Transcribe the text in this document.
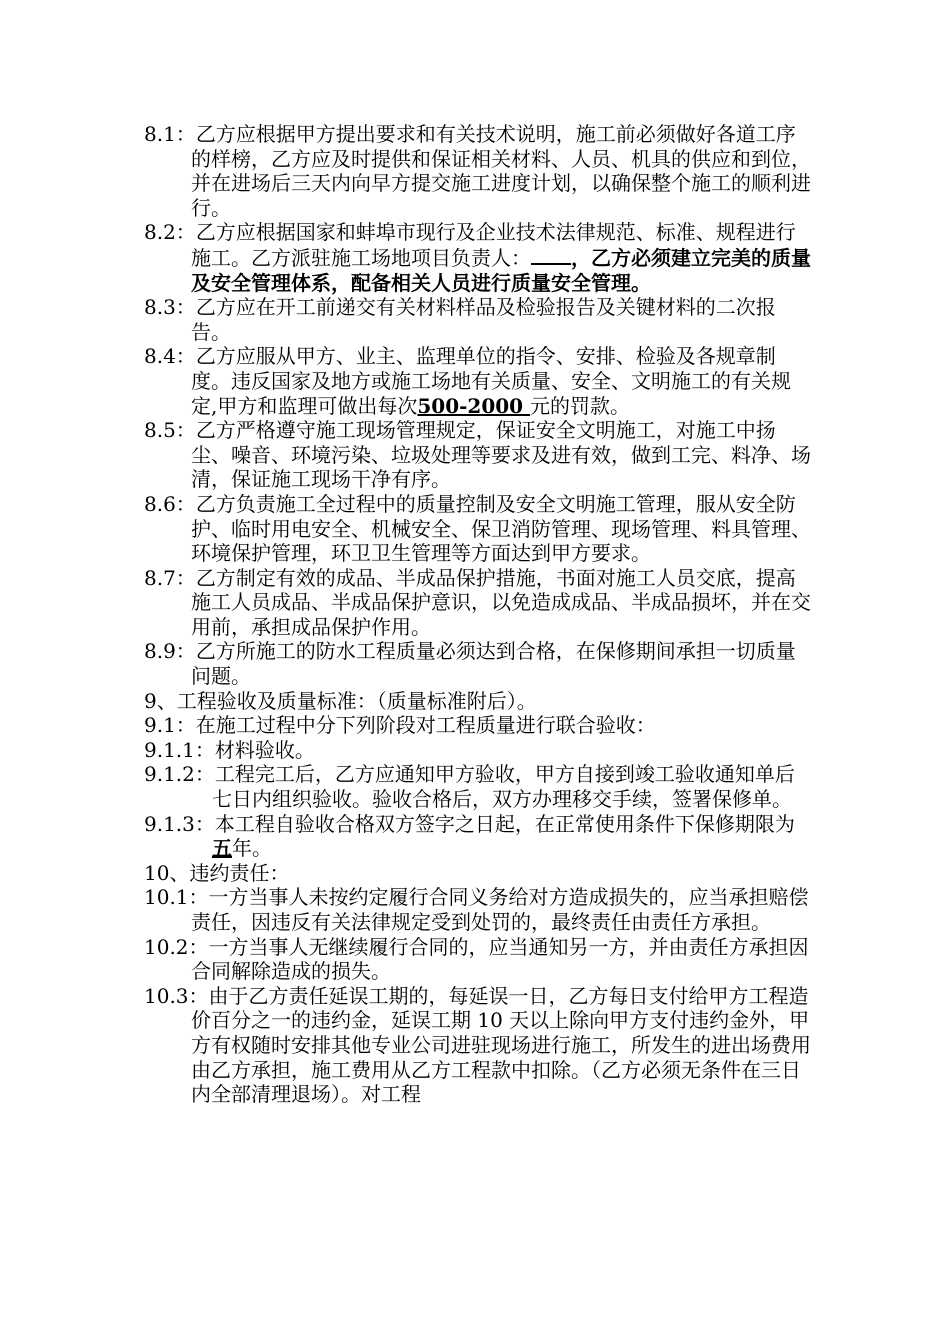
8.1：乙方应根据甲方提出要求和有关技术说明，施工前必须做好各道工序的样榜，乙方应及时提供和保证相关材料、人员、机具的供应和到位，并在进场后三天内向早方提交施工进度计划，以确保整个施工的顺利进行。

8.2：乙方应根据国家和蚌埠市现行及企业技术法律规范、标准、规程进行施工。乙方派驻施工场地项目负责人： ，乙方必须建立完美的质量及安全管理体系，配备相关人员进行质量安全管理。

8.3：乙方应在开工前递交有关材料样品及检验报告及关键材料的二次报告。

8.4：乙方应服从甲方、业主、监理单位的指令、安排、检验及各规章制度。违反国家及地方或施工场地有关质量、安全、文明施工的有关规定,甲方和监理可做出每次500-2000 元的罚款。

8.5：乙方严格遵守施工现场管理规定，保证安全文明施工，对施工中扬尘、噪音、环境污染、垃圾处理等要求及进有效，做到工完、料净、场清，保证施工现场干净有序。

8.6：乙方负责施工全过程中的质量控制及安全文明施工管理，服从安全防护、临时用电安全、机械安全、保卫消防管理、现场管理、料具管理、环境保护管理，环卫卫生管理等方面达到甲方要求。

8.7：乙方制定有效的成品、半成品保护措施，书面对施工人员交底，提高施工人员成品、半成品保护意识，以免造成成品、半成品损坏，并在交用前，承担成品保护作用。

8.9：乙方所施工的防水工程质量必须达到合格，在保修期间承担一切质量问题。

9、工程验收及质量标准：（质量标准附后）。

9.1：在施工过程中分下列阶段对工程质量进行联合验收：

9.1.1：材料验收。

9.1.2：工程完工后，乙方应通知甲方验收，甲方自接到竣工验收通知单后七日内组织验收。验收合格后，双方办理移交手续，签署保修单。

9.1.3：本工程自验收合格双方签字之日起，在正常使用条件下保修期限为五年。

10、违约责任：

10.1：一方当事人未按约定履行合同义务给对方造成损失的，应当承担赔偿责任，因违反有关法律规定受到处罚的，最终责任由责任方承担。

10.2：一方当事人无继续履行合同的，应当通知另一方，并由责任方承担因合同解除造成的损失。

10.3：由于乙方责任延误工期的，每延误一日，乙方每日支付给甲方工程造价百分之一的违约金，延误工期 10 天以上除向甲方支付违约金外，甲方有权随时安排其他专业公司进驻现场进行施工，所发生的进出场费用由乙方承担，施工费用从乙方工程款中扣除。（乙方必须无条件在三日内全部清理退场）。对工程
